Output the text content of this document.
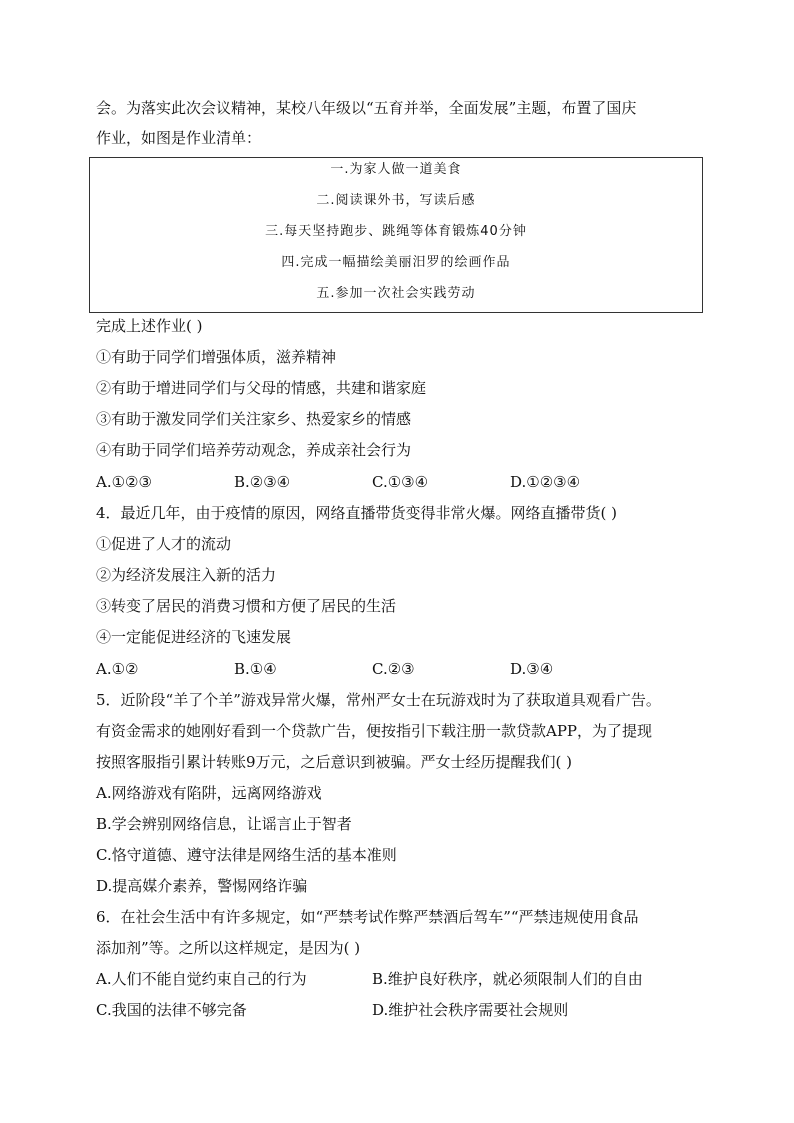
会。为落实此次会议精神，某校八年级以“五育并举，全面发展”主题，布置了国庆
作业，如图是作业清单：
一.为家人做一道美食
二.阅读课外书，写读后感
三.每天坚持跑步、跳绳等体育锻炼40分钟
四.完成一幅描绘美丽汨罗的绘画作品
五.参加一次社会实践劳动
完成上述作业( )
①有助于同学们增强体质，滋养精神
②有助于增进同学们与父母的情感，共建和谐家庭
③有助于激发同学们关注家乡、热爱家乡的情感
④有助于同学们培养劳动观念，养成亲社会行为
A.①②③	B.②③④	C.①③④	D.①②③④
4．最近几年，由于疫情的原因，网络直播带货变得非常火爆。网络直播带货( )
①促进了人才的流动
②为经济发展注入新的活力
③转变了居民的消费习惯和方便了居民的生活
④一定能促进经济的飞速发展
A.①②	B.①④	C.②③	D.③④
5．近阶段“羊了个羊”游戏异常火爆，常州严女士在玩游戏时为了获取道具观看广告。
有资金需求的她刚好看到一个贷款广告，便按指引下载注册一款贷款APP，为了提现
按照客服指引累计转账9万元，之后意识到被骗。严女士经历提醒我们( )
A.网络游戏有陷阱，远离网络游戏
B.学会辨别网络信息，让谣言止于智者
C.恪守道德、遵守法律是网络生活的基本准则
D.提高媒介素养，警惕网络诈骗
6．在社会生活中有许多规定，如“严禁考试作弊严禁酒后驾车”“严禁违规使用食品
添加剂”等。之所以这样规定，是因为( )
A.人们不能自觉约束自己的行为	B.维护良好秩序，就必须限制人们的自由
C.我国的法律不够完备	D.维护社会秩序需要社会规则
